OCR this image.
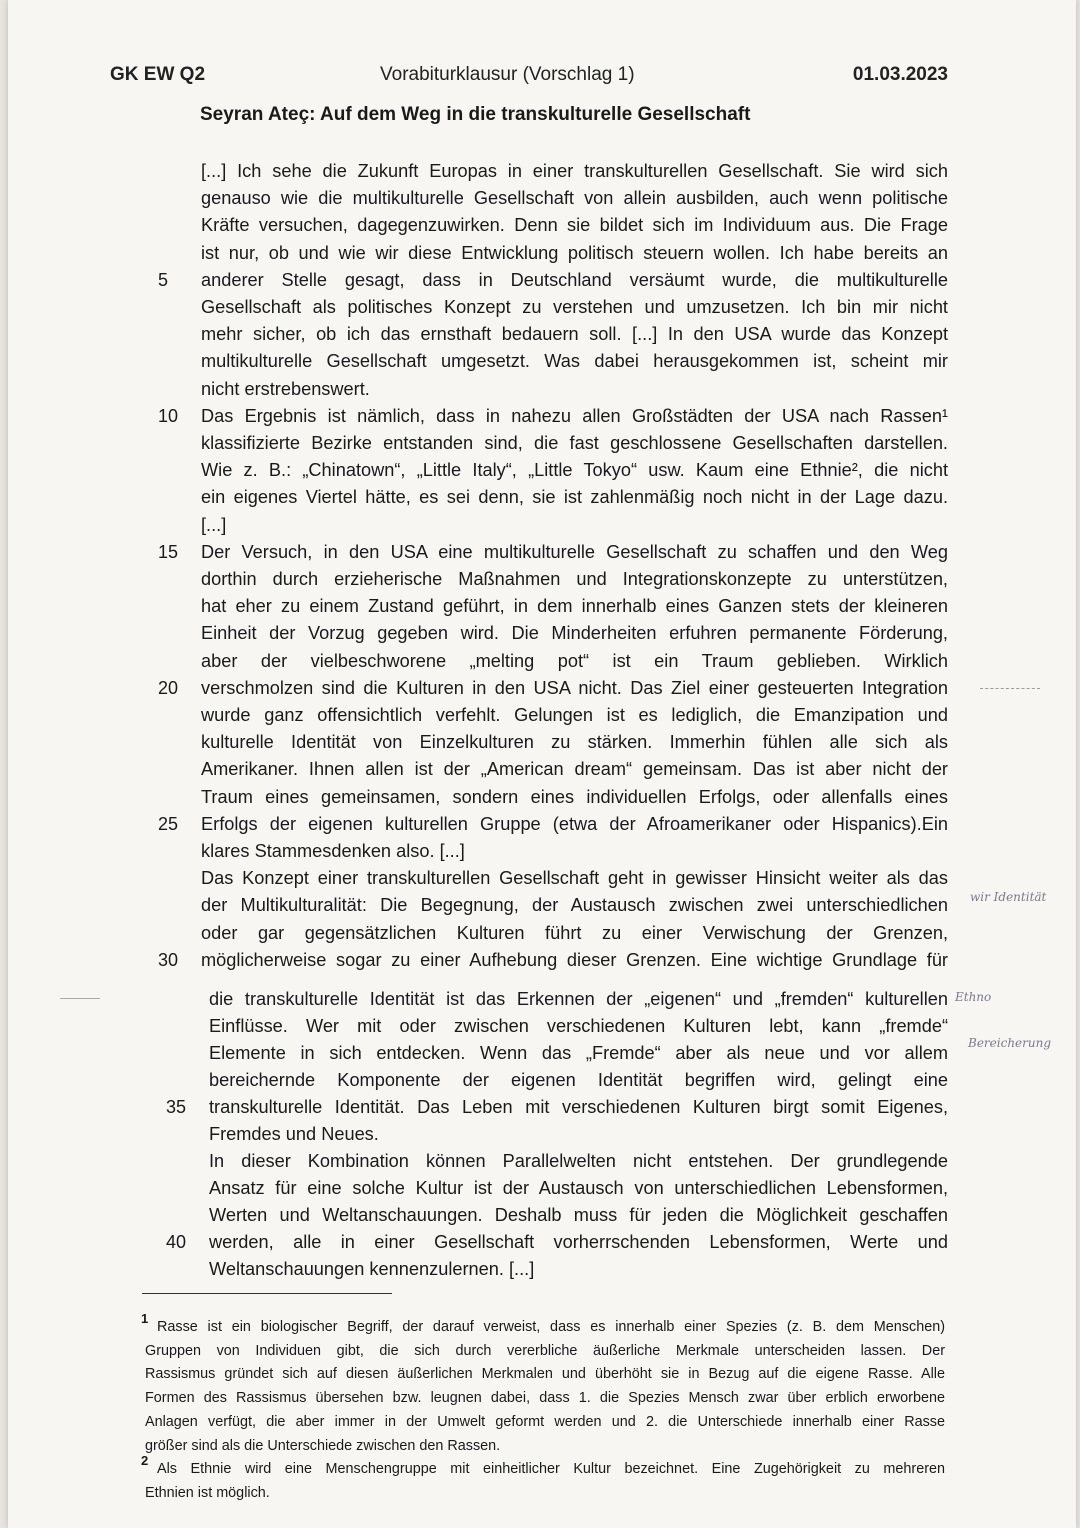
GK EW Q2	Vorabiturklausur (Vorschlag 1)	01.03.2023
Seyran Ateç: Auf dem Weg in die transkulturelle Gesellschaft
[...] Ich sehe die Zukunft Europas in einer transkulturellen Gesellschaft. Sie wird sich
genauso wie die multikulturelle Gesellschaft von allein ausbilden, auch wenn politische
Kräfte versuchen, dagegenzuwirken. Denn sie bildet sich im Individuum aus. Die Frage
ist nur, ob und wie wir diese Entwicklung politisch steuern wollen. Ich habe bereits an
anderer Stelle gesagt, dass in Deutschland versäumt wurde, die multikulturelle
Gesellschaft als politisches Konzept zu verstehen und umzusetzen. Ich bin mir nicht
mehr sicher, ob ich das ernsthaft bedauern soll. [...] In den USA wurde das Konzept
multikulturelle Gesellschaft umgesetzt. Was dabei herausgekommen ist, scheint mir
nicht erstrebenswert.
Das Ergebnis ist nämlich, dass in nahezu allen Großstädten der USA nach Rassen¹
klassifizierte Bezirke entstanden sind, die fast geschlossene Gesellschaften darstellen.
Wie z. B.: „Chinatown“, „Little Italy“, „Little Tokyo“ usw. Kaum eine Ethnie², die nicht
ein eigenes Viertel hätte, es sei denn, sie ist zahlenmäßig noch nicht in der Lage dazu.
[...]
Der Versuch, in den USA eine multikulturelle Gesellschaft zu schaffen und den Weg
dorthin durch erzieherische Maßnahmen und Integrationskonzepte zu unterstützen,
hat eher zu einem Zustand geführt, in dem innerhalb eines Ganzen stets der kleineren
Einheit der Vorzug gegeben wird. Die Minderheiten erfuhren permanente Förderung,
aber der vielbeschworene „melting pot“ ist ein Traum geblieben. Wirklich
verschmolzen sind die Kulturen in den USA nicht. Das Ziel einer gesteuerten Integration
wurde ganz offensichtlich verfehlt. Gelungen ist es lediglich, die Emanzipation und
kulturelle Identität von Einzelkulturen zu stärken. Immerhin fühlen alle sich als
Amerikaner. Ihnen allen ist der „American dream“ gemeinsam. Das ist aber nicht der
Traum eines gemeinsamen, sondern eines individuellen Erfolgs, oder allenfalls eines
Erfolgs der eigenen kulturellen Gruppe (etwa der Afroamerikaner oder Hispanics).Ein
klares Stammesdenken also. [...]
Das Konzept einer transkulturellen Gesellschaft geht in gewisser Hinsicht weiter als das
der Multikulturalität: Die Begegnung, der Austausch zwischen zwei unterschiedlichen
oder gar gegensätzlichen Kulturen führt zu einer Verwischung der Grenzen,
möglicherweise sogar zu einer Aufhebung dieser Grenzen. Eine wichtige Grundlage für
die transkulturelle Identität ist das Erkennen der „eigenen“ und „fremden“ kulturellen
Einflüsse. Wer mit oder zwischen verschiedenen Kulturen lebt, kann „fremde“
Elemente in sich entdecken. Wenn das „Fremde“ aber als neue und vor allem
bereichernde Komponente der eigenen Identität begriffen wird, gelingt eine
transkulturelle Identität. Das Leben mit verschiedenen Kulturen birgt somit Eigenes,
Fremdes und Neues.
In dieser Kombination können Parallelwelten nicht entstehen. Der grundlegende
Ansatz für eine solche Kultur ist der Austausch von unterschiedlichen Lebensformen,
Werten und Weltanschauungen. Deshalb muss für jeden die Möglichkeit geschaffen
werden, alle in einer Gesellschaft vorherrschenden Lebensformen, Werte und
Weltanschauungen kennenzulernen. [...]
5
10
15
20
25
30
35
40
Rasse ist ein biologischer Begriff, der darauf verweist, dass es innerhalb einer Spezies (z. B. dem Menschen)
1
Gruppen von Individuen gibt, die sich durch vererbliche äußerliche Merkmale unterscheiden lassen. Der
Rassismus gründet sich auf diesen äußerlichen Merkmalen und überhöht sie in Bezug auf die eigene Rasse. Alle
Formen des Rassismus übersehen bzw. leugnen dabei, dass 1. die Spezies Mensch zwar über erblich erworbene
Anlagen verfügt, die aber immer in der Umwelt geformt werden und 2. die Unterschiede innerhalb einer Rasse
größer sind als die Unterschiede zwischen den Rassen.
Als Ethnie wird eine Menschengruppe mit einheitlicher Kultur bezeichnet. Eine Zugehörigkeit zu mehreren
2
Ethnien ist möglich.
wir Identität
Ethno
Bereicherung
